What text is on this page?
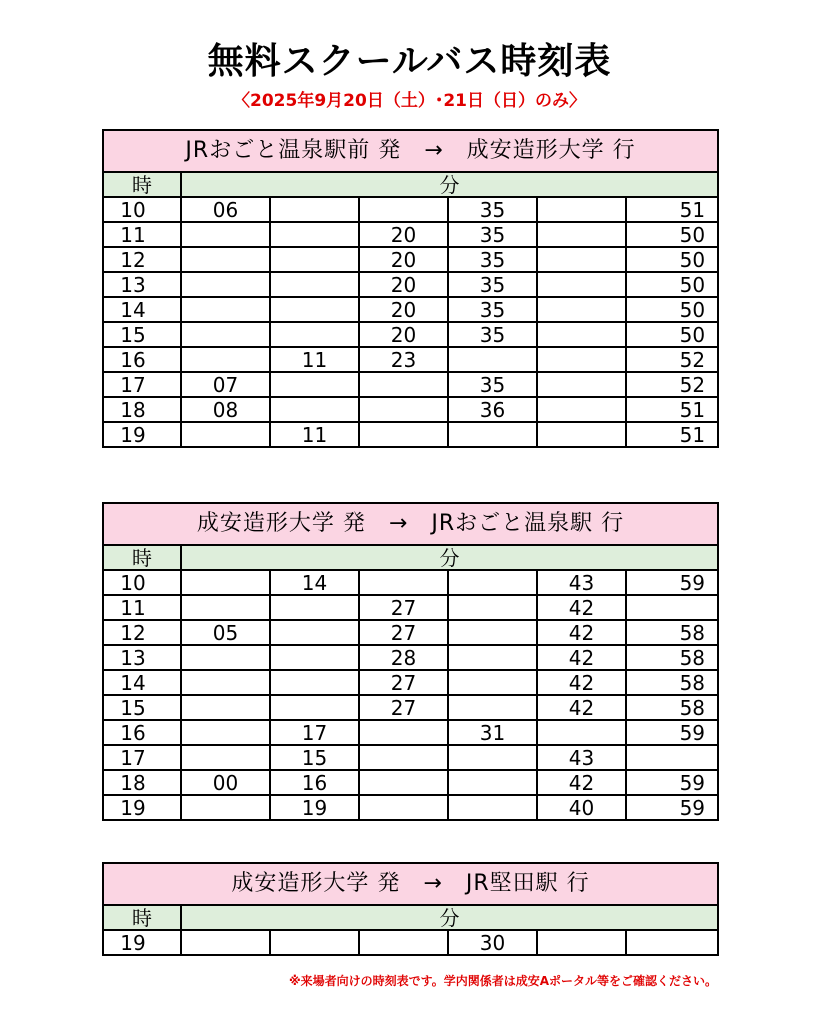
無料スクールバス時刻表
〈2025年9月20日（土）･21日（日）のみ〉
JRおごと温泉駅前 発　→　成安造形大学 行						
時	分					
10	06			35		51
11			20	35		50
12			20	35		50
13			20	35		50
14			20	35		50
15			20	35		50
16		11	23			52
17	07			35		52
18	08			36		51
19		11				51
成安造形大学 発　→　JRおごと温泉駅 行						
時	分					
10		14			43	59
11			27		42	
12	05		27		42	58
13			28		42	58
14			27		42	58
15			27		42	58
16		17		31		59
17		15			43	
18	00	16			42	59
19		19			40	59
成安造形大学 発　→　JR堅田駅 行						
時	分					
19				30		
※来場者向けの時刻表です。学内関係者は成安Aポータル等をご確認ください。
